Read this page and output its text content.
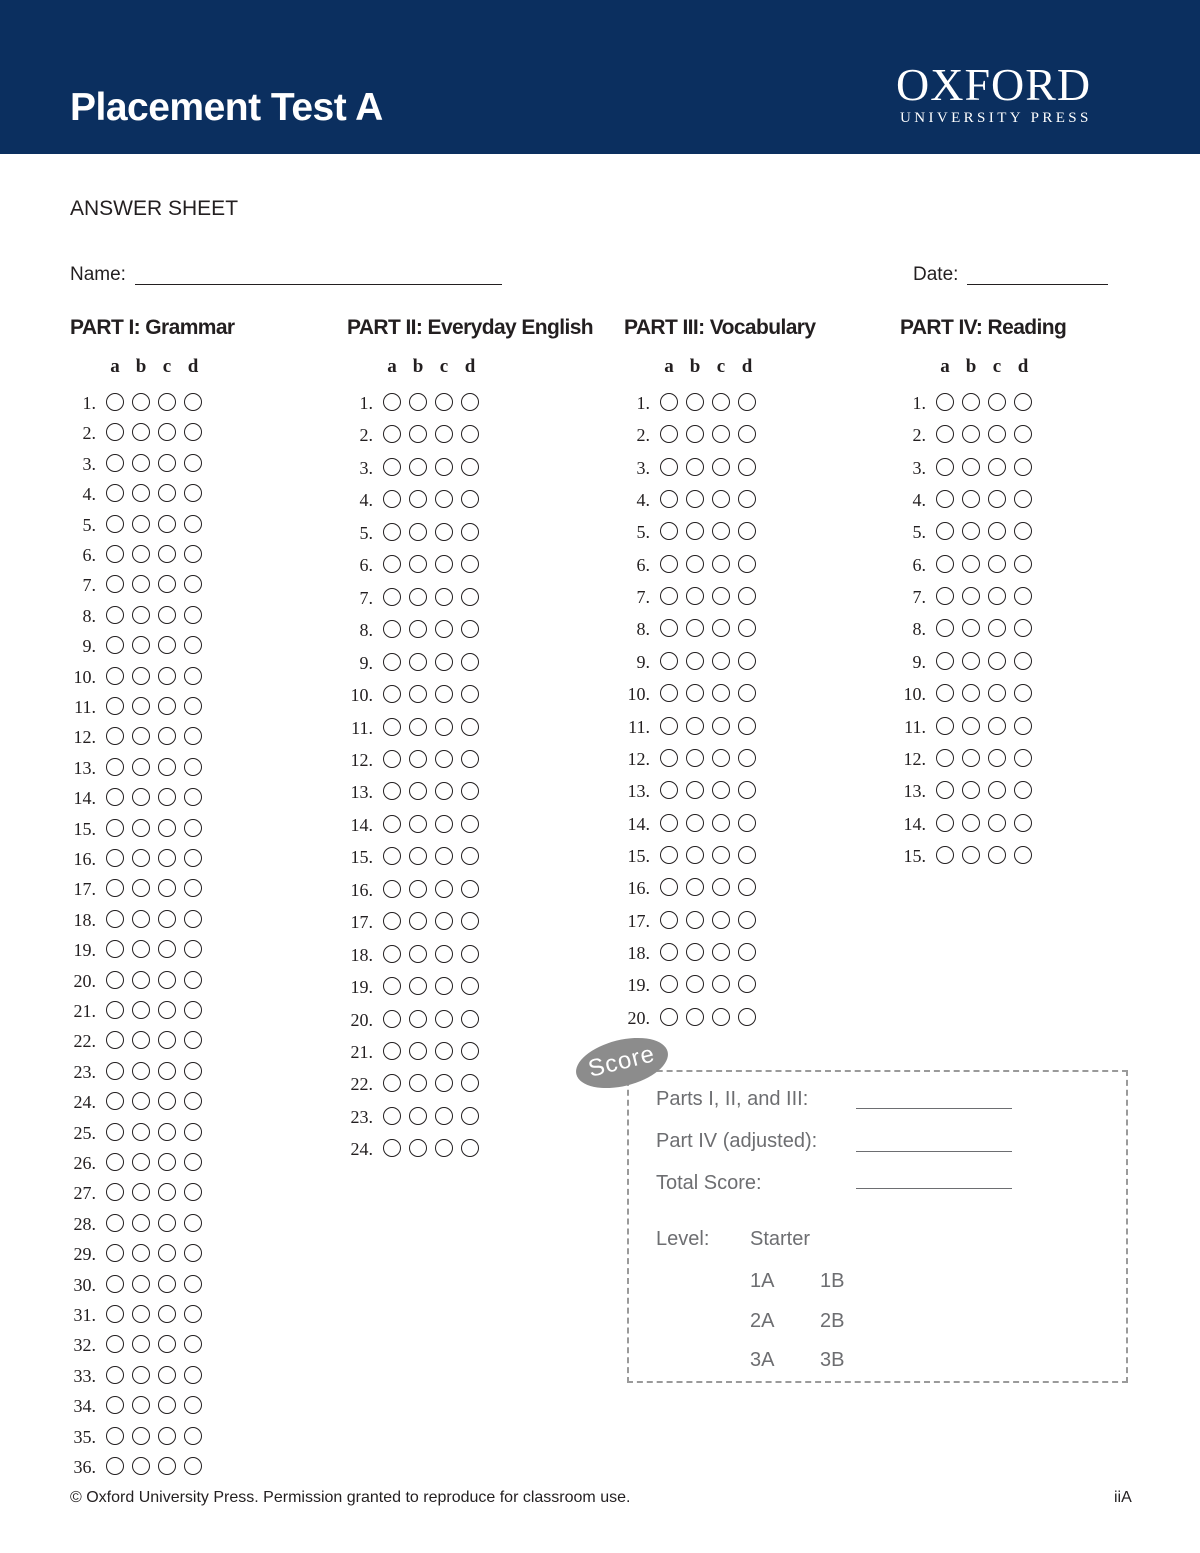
Placement Test A	OXFORD
UNIVERSITY PRESS
ANSWER SHEET
Name:	Date:
PART I: Grammar
a b c d
1.
2.
3.
4.
5.
6.
7.
8.
9.
10.
11.
12.
13.
14.
15.
16.
17.
18.
19.
20.
21.
22.
23.
24.
25.
26.
27.
28.
29.
30.
31.
32.
33.
34.
35.
36.
PART II: Everyday English
a b c d
1.
2.
3.
4.
5.
6.
7.
8.
9.
10.
11.
12.
13.
14.
15.
16.
17.
18.
19.
20.
21.
22.
23.
24.
PART III: Vocabulary
a b c d
1.
2.
3.
4.
5.
6.
7.
8.
9.
10.
11.
12.
13.
14.
15.
16.
17.
18.
19.
20.
PART IV: Reading
a b c d
1.
2.
3.
4.
5.
6.
7.
8.
9.
10.
11.
12.
13.
14.
15.
Score
Parts I, II, and III:
Part IV (adjusted):
Total Score:
Level: Starter
1A 1B
2A 2B
3A 3B
© Oxford University Press. Permission granted to reproduce for classroom use.	iiA
